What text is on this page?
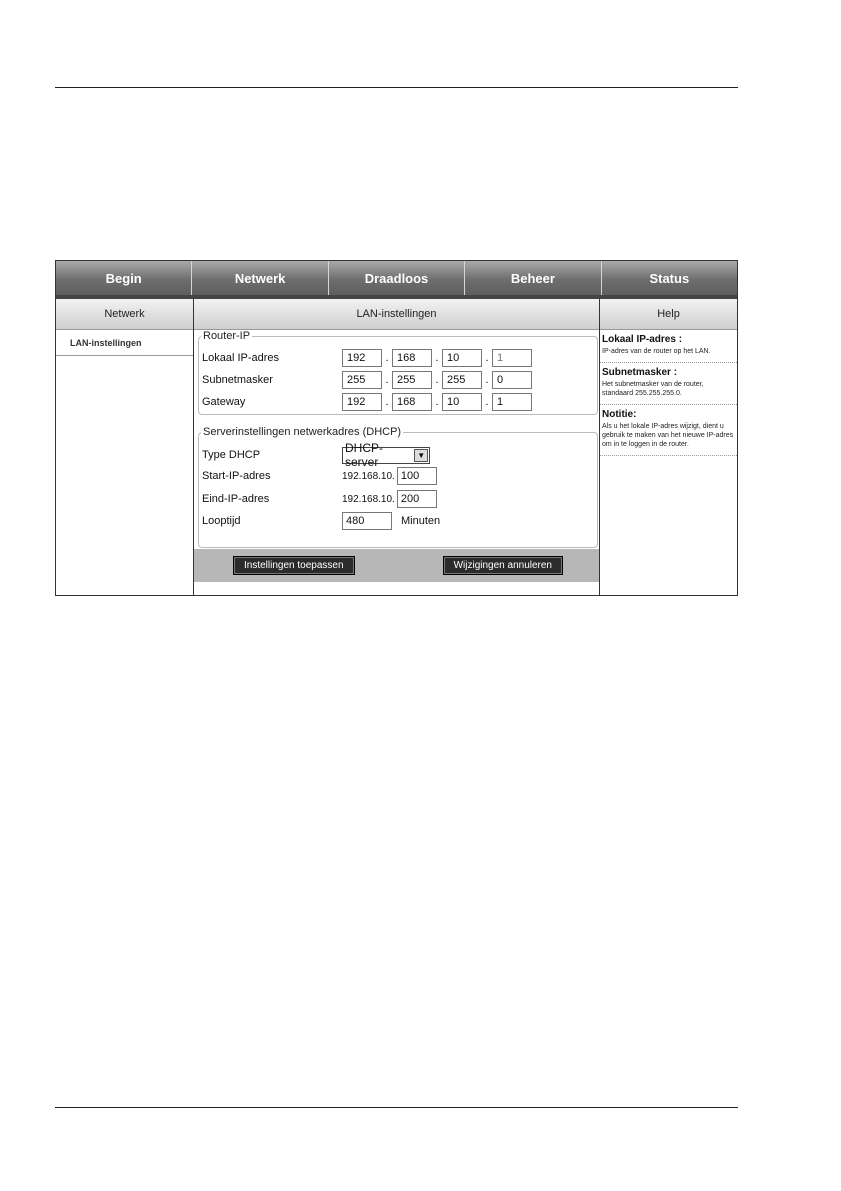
Begin	Netwerk	Draadloos	Beheer	Status
Netwerk
LAN-instellingen
LAN-instellingen
Router-IP
Lokaal IP-adres	192	. 168	. 10	. 1
Subnetmasker	255	. 255	. 255	. 0
Gateway	192	. 168	. 10	. 1
Serverinstellingen netwerkadres (DHCP)
Type DHCP	DHCP-server	▼
Start-IP-adres	192.168.10. 100
Eind-IP-adres	192.168.10. 200
Looptijd	480	Minuten
Instellingen toepassen	Wijzigingen annuleren
Help
Lokaal IP-adres :
IP-adres van de router op het LAN.
Subnetmasker :
Het subnetmasker van de router, standaard 255.255.255.0.
Notitie:
Als u het lokale IP-adres wijzigt, dient u gebruik te maken van het nieuwe IP-adres om in te loggen in de router.
